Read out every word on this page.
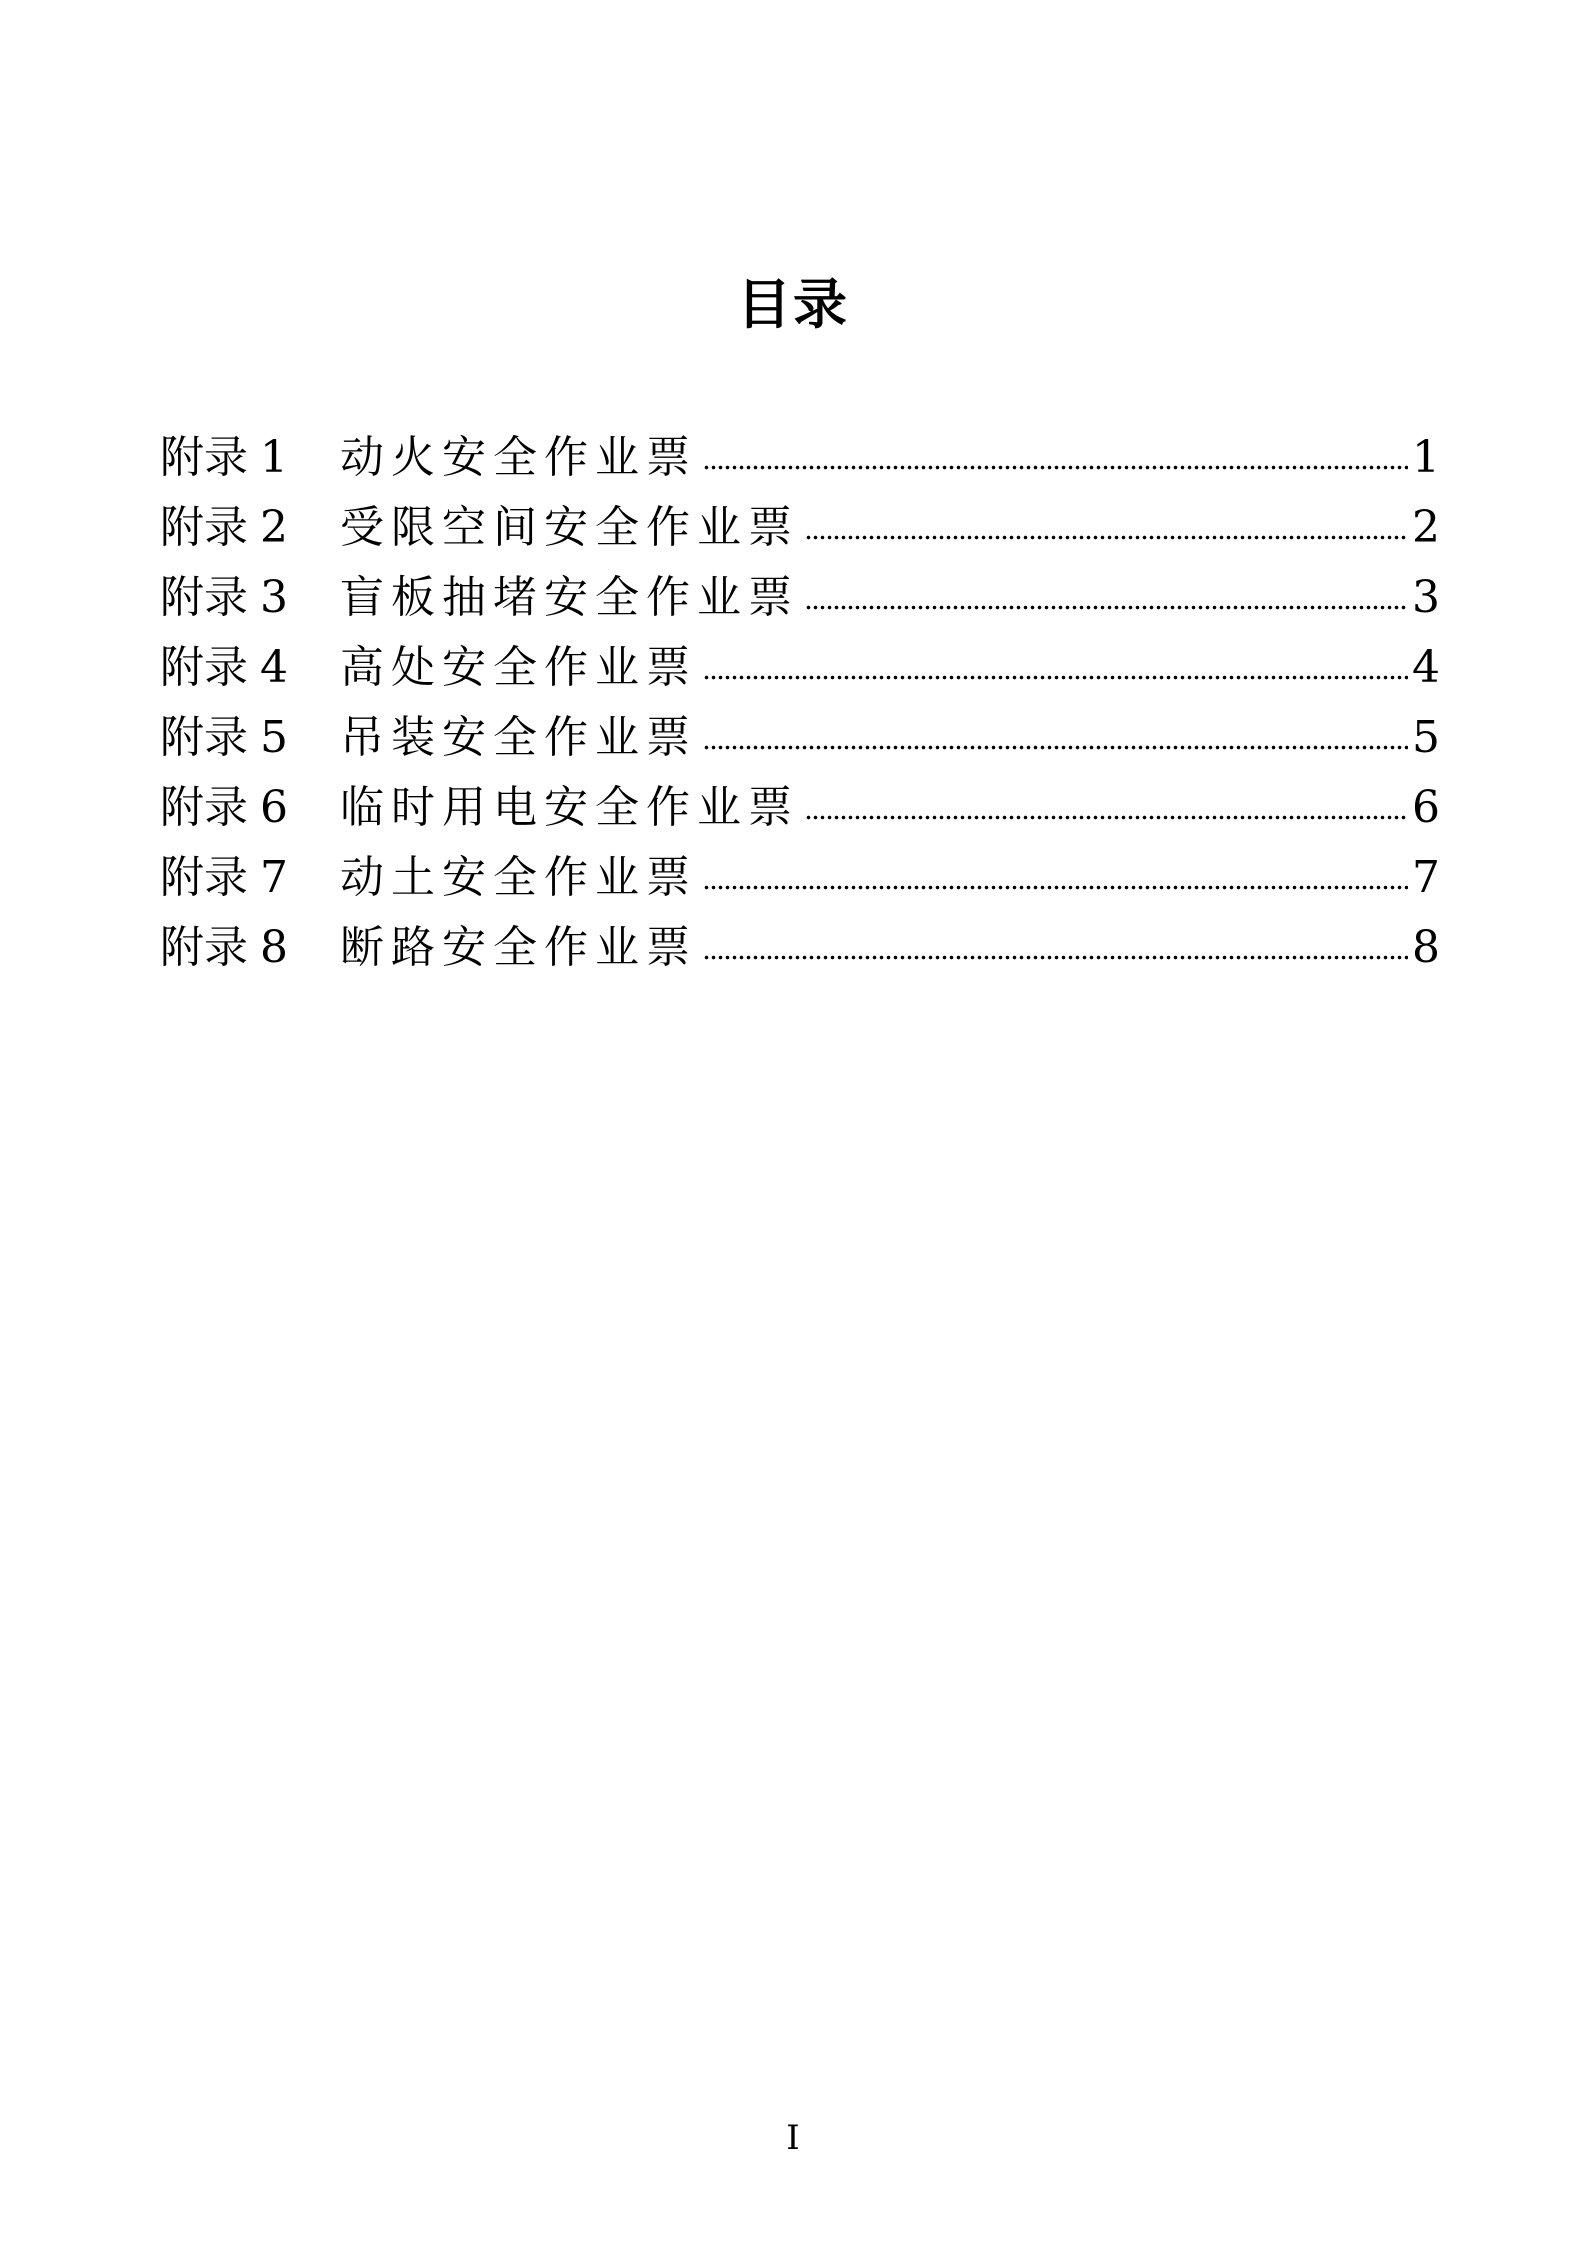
目录
附录 1	动火安全作业票	1
附录 2	受限空间安全作业票	2
附录 3	盲板抽堵安全作业票	3
附录 4	高处安全作业票	4
附录 5	吊装安全作业票	5
附录 6	临时用电安全作业票	6
附录 7	动土安全作业票	7
附录 8	断路安全作业票	8
I
